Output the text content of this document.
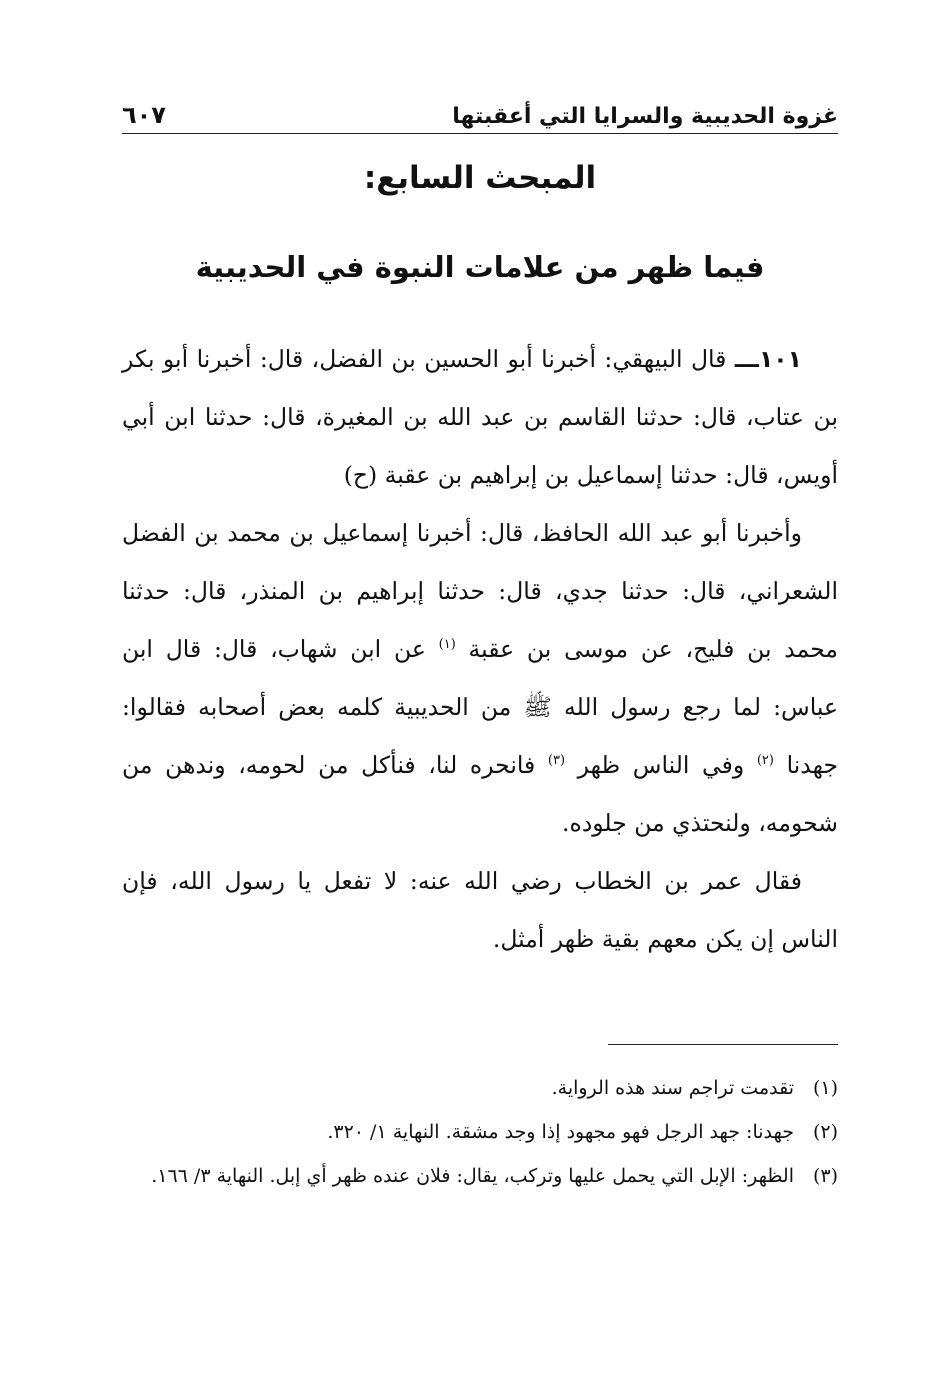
غزوة الحديبية والسرايا التي أعقبتها
٦٠٧
المبحث السابع:
فيما ظهر من علامات النبوة في الحديبية

١٠١ـــ قال البيهقي: أخبرنا أبو الحسين بن الفضل، قال: أخبرنا أبو بكر بن عتاب، قال: حدثنا القاسم بن عبد الله بن المغيرة، قال: حدثنا ابن أبي أويس، قال: حدثنا إسماعيل بن إبراهيم بن عقبة (ح)

وأخبرنا أبو عبد الله الحافظ، قال: أخبرنا إسماعيل بن محمد بن الفضل الشعراني، قال: حدثنا جدي، قال: حدثنا إبراهيم بن المنذر، قال: حدثنا محمد بن فليح، عن موسى بن عقبة $^{(١)}$ عن ابن شهاب، قال: قال ابن عباس: لما رجع رسول الله ﷺ من الحديبية كلمه بعض أصحابه فقالوا: جهدنا $^{(٢)}$ وفي الناس ظهر $^{(٣)}$ فانحره لنا، فنأكل من لحومه، وندهن من شحومه، ولنحتذي من جلوده.

فقال عمر بن الخطاب رضي الله عنه: لا تفعل يا رسول الله، فإن الناس إن يكن معهم بقية ظهر أمثل.

(١)
تقدمت تراجم سند هذه الرواية.
(٢)
جهدنا: جهد الرجل فهو مجهود إذا وجد مشقة. النهاية ١/ ٣٢٠.
(٣)
الظهر: الإبل التي يحمل عليها وتركب، يقال: فلان عنده ظهر أي إبل. النهاية ٣/ ١٦٦.
